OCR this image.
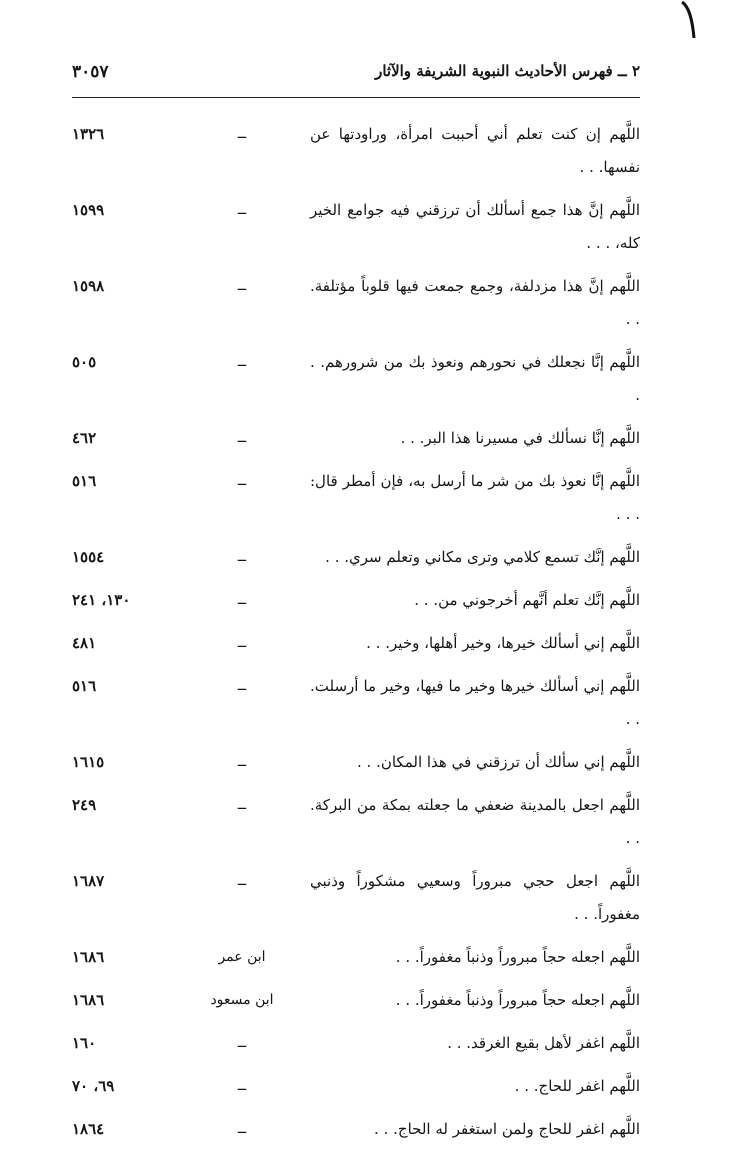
٢ ــ فهرس الأحاديث النبوية الشريفة والآثار
٣٠٥٧
اللَّهم إن كنت تعلم أني أحببت امرأة، وراودتها عن نفسها. . .
ــ
١٣٢٦
اللَّهم إنَّ هذا جمع أسألك أن ترزقني فيه جوامع الخير كله، . . .
ــ
١٥٩٩
اللَّهم إنَّ هذا مزدلفة، وجمع جمعت فيها قلوباً مؤتلفة. . .
ــ
١٥٩٨
اللَّهم إنَّا نجعلك في نحورهم ونعوذ بك من شرورهم. . .
ــ
٥٠٥
اللَّهم إنَّا نسألك في مسيرنا هذا البر. . .
ــ
٤٦٢
اللَّهم إنَّا نعوذ بك من شر ما أرسل به، فإن أمطر قال: . . .
ــ
٥١٦
اللَّهم إنَّك تسمع كلامي وترى مكاني وتعلم سري. . .
ــ
١٥٥٤
اللَّهم إنَّك تعلم أنَّهم أخرجوني من. . .
ــ
١٣٠، ٢٤١
اللَّهم إني أسألك خيرها، وخير أهلها، وخير. . .
ــ
٤٨١
اللَّهم إني أسألك خيرها وخير ما فيها، وخير ما أرسلت. . .
ــ
٥١٦
اللَّهم إني سألك أن ترزقني في هذا المكان. . .
ــ
١٦١٥
اللَّهم اجعل بالمدينة ضعفي ما جعلته بمكة من البركة. . .
ــ
٢٤٩
اللَّهم اجعل حجي مبروراً وسعيي مشكوراً وذنبي مغفوراً. . .
ــ
١٦٨٧
اللَّهم اجعله حجاً مبروراً وذنباً مغفوراً. . .
ابن عمر
١٦٨٦
اللَّهم اجعله حجاً مبروراً وذنباً مغفوراً. . .
ابن مسعود
١٦٨٦
اللَّهم اغفر لأهل بقيع الغرقد. . .
ــ
١٦٠
اللَّهم اغفر للحاج. . .
ــ
٦٩، ٧٠
اللَّهم اغفر للحاج ولمن استغفر له الحاج. . .
ــ
١٨٦٤
